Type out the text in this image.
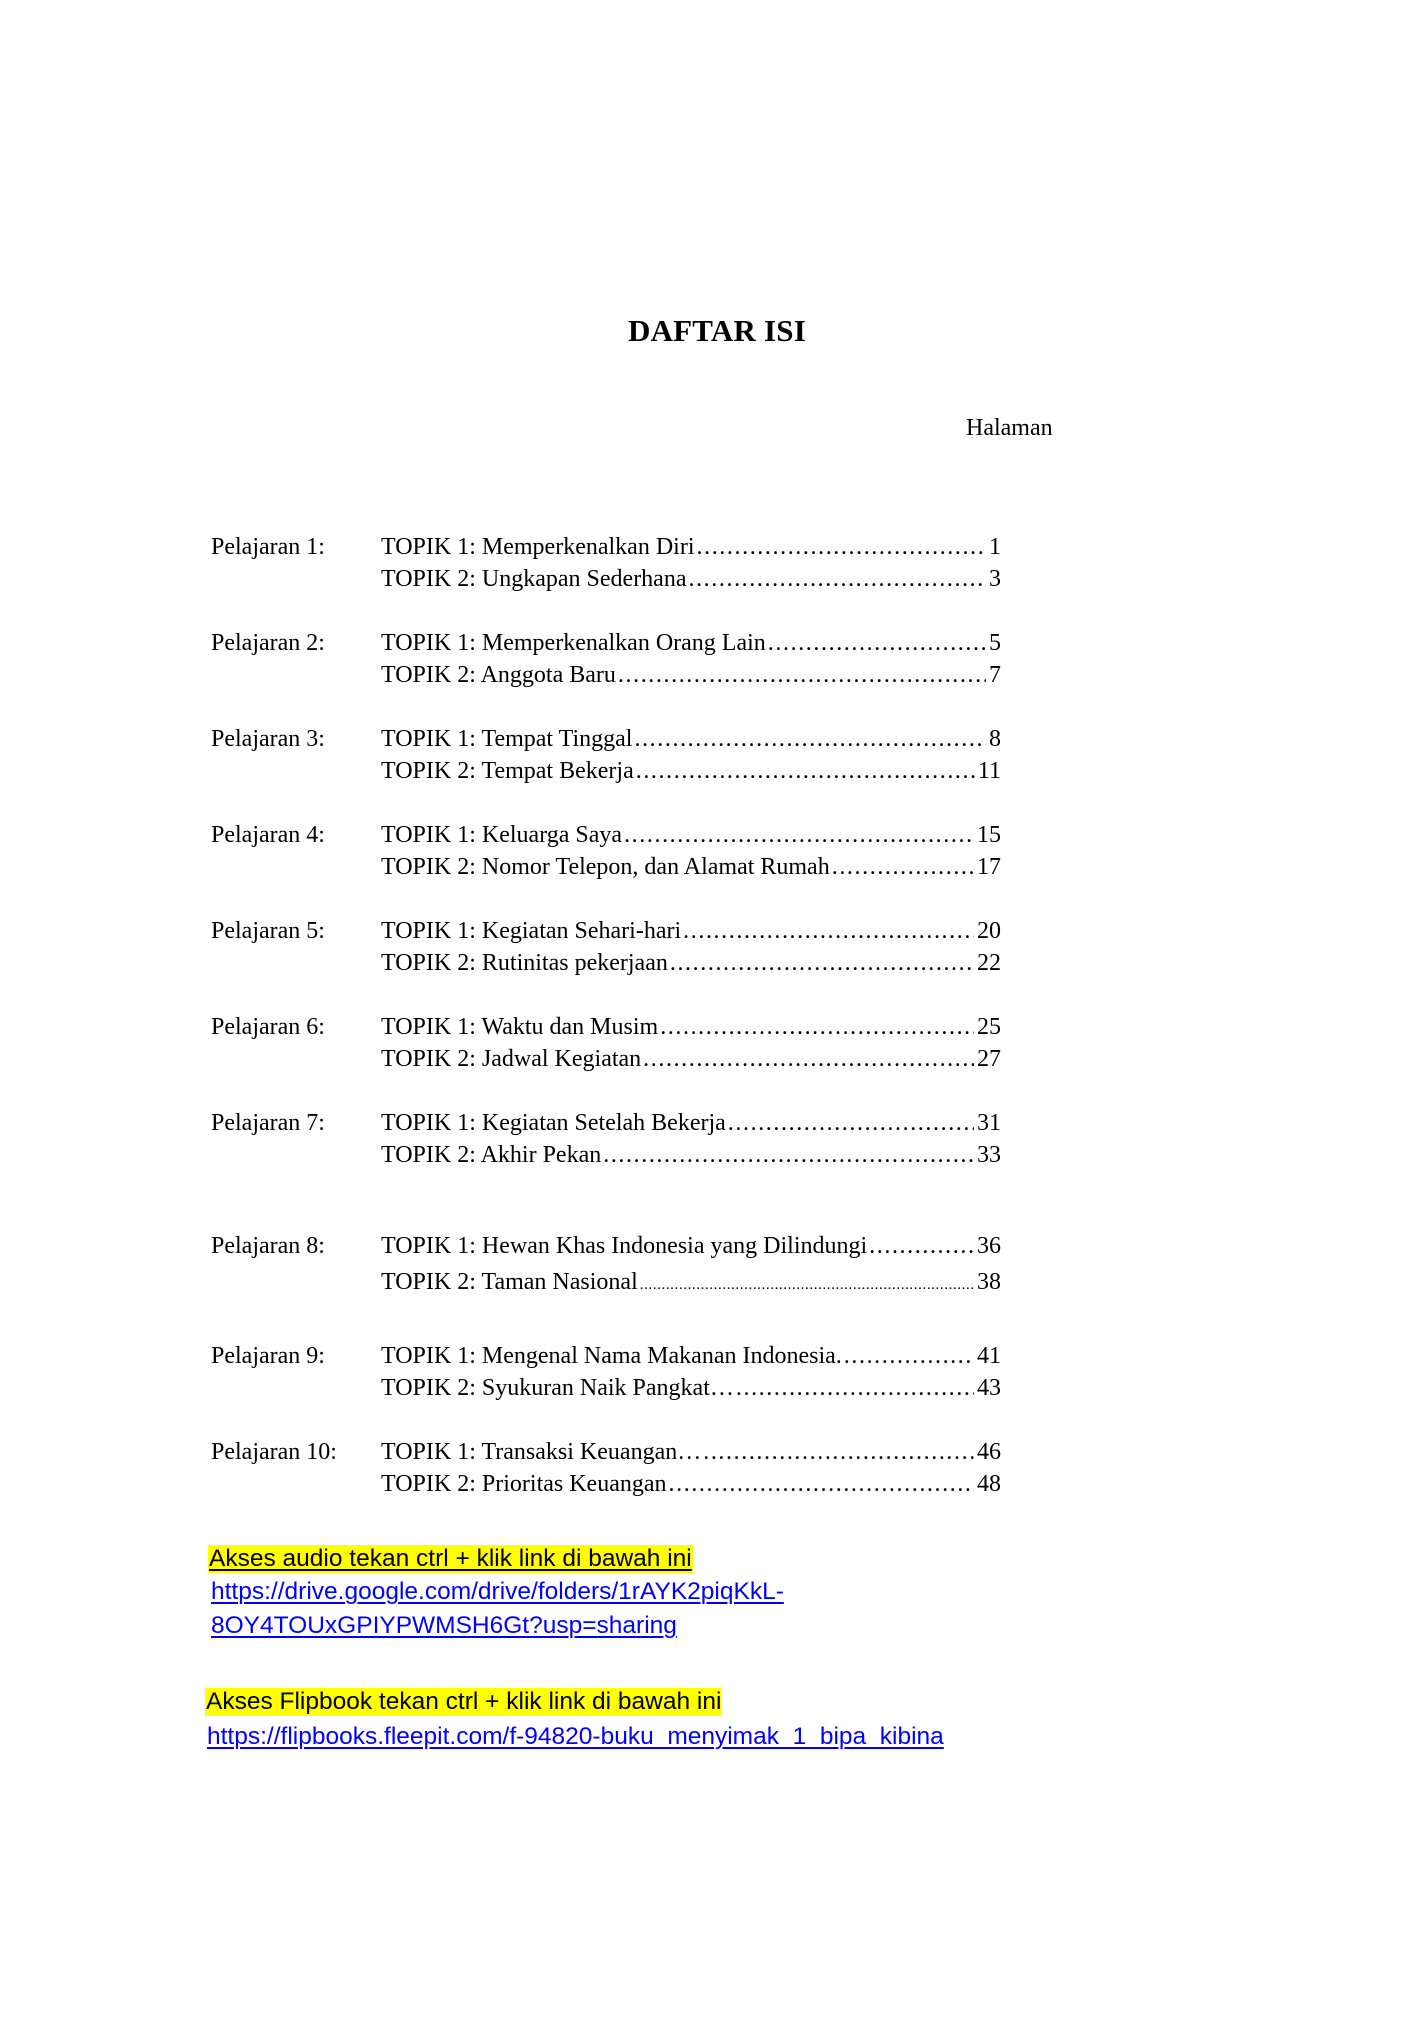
DAFTAR ISI
Halaman
Pelajaran 1:	TOPIK 1: Memperkenalkan Diri .....	1
TOPIK 2: Ungkapan Sederhana .....	3
Pelajaran 2:	TOPIK 1: Memperkenalkan Orang Lain .....	5
TOPIK 2: Anggota Baru .....	7
Pelajaran 3:	TOPIK 1: Tempat Tinggal .....	8
TOPIK 2: Tempat Bekerja .....	11
Pelajaran 4:	TOPIK 1: Keluarga Saya .....	15
TOPIK 2: Nomor Telepon, dan Alamat Rumah .....	17
Pelajaran 5:	TOPIK 1: Kegiatan Sehari-hari .....	20
TOPIK 2: Rutinitas pekerjaan .....	22
Pelajaran 6:	TOPIK 1: Waktu dan Musim .....	25
TOPIK 2: Jadwal Kegiatan .....	27
Pelajaran 7:	TOPIK 1: Kegiatan Setelah Bekerja .....	31
TOPIK 2: Akhir Pekan .....	33
Pelajaran 8:	TOPIK 1: Hewan Khas Indonesia yang Dilindungi .....	36
TOPIK 2: Taman Nasional .....	38
Pelajaran 9:	TOPIK 1: Mengenal Nama Makanan Indonesia. .....	41
TOPIK 2: Syukuran Naik Pangkat… .....	43
Pelajaran 10:	TOPIK 1: Transaksi Keuangan… .....	46
TOPIK 2: Prioritas Keuangan .....	48
Akses audio tekan ctrl + klik link di bawah ini
https://drive.google.com/drive/folders/1rAYK2piqKkL-
8OY4TOUxGPIYPWMSH6Gt?usp=sharing
Akses Flipbook tekan ctrl + klik link di bawah ini
https://flipbooks.fleepit.com/f-94820-buku_menyimak_1_bipa_kibina
